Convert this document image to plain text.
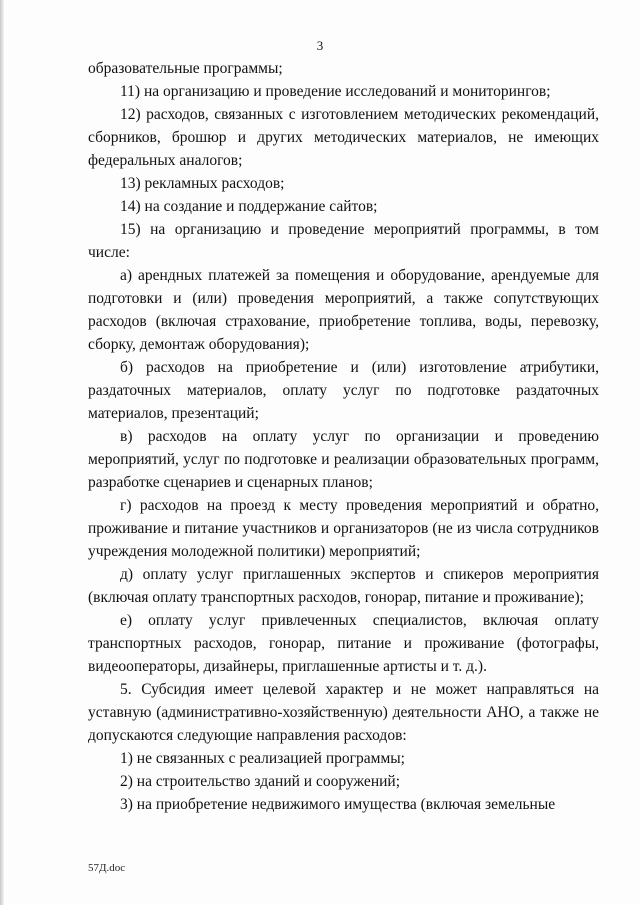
3

образовательные программы;

11) на организацию и проведение исследований и мониторингов;

12) расходов, связанных с изготовлением методических рекомендаций, сборников, брошюр и других методических материалов, не имеющих федеральных аналогов;

13) рекламных расходов;

14) на создание и поддержание сайтов;

15) на организацию и проведение мероприятий программы, в том числе:

а) арендных платежей за помещения и оборудование, арендуемые для подготовки и (или) проведения мероприятий, а также сопутствующих расходов (включая страхование, приобретение топлива, воды, перевозку, сборку, демонтаж оборудования);

б) расходов на приобретение и (или) изготовление атрибутики, раздаточных материалов, оплату услуг по подготовке раздаточных материалов, презентаций;

в) расходов на оплату услуг по организации и проведению мероприятий, услуг по подготовке и реализации образовательных программ, разработке сценариев и сценарных планов;

г) расходов на проезд к месту проведения мероприятий и обратно, проживание и питание участников и организаторов (не из числа сотрудников учреждения молодежной политики) мероприятий;

д) оплату услуг приглашенных экспертов и спикеров мероприятия (включая оплату транспортных расходов, гонорар, питание и проживание);

е) оплату услуг привлеченных специалистов, включая оплату транспортных расходов, гонорар, питание и проживание (фотографы, видеооператоры, дизайнеры, приглашенные артисты и т. д.).

5. Субсидия имеет целевой характер и не может направляться на уставную (административно-хозяйственную) деятельности АНО, а также не допускаются следующие направления расходов:

1) не связанных с реализацией программы;

2) на строительство зданий и сооружений;

3) на приобретение недвижимого имущества (включая земельные

57Д.doc
